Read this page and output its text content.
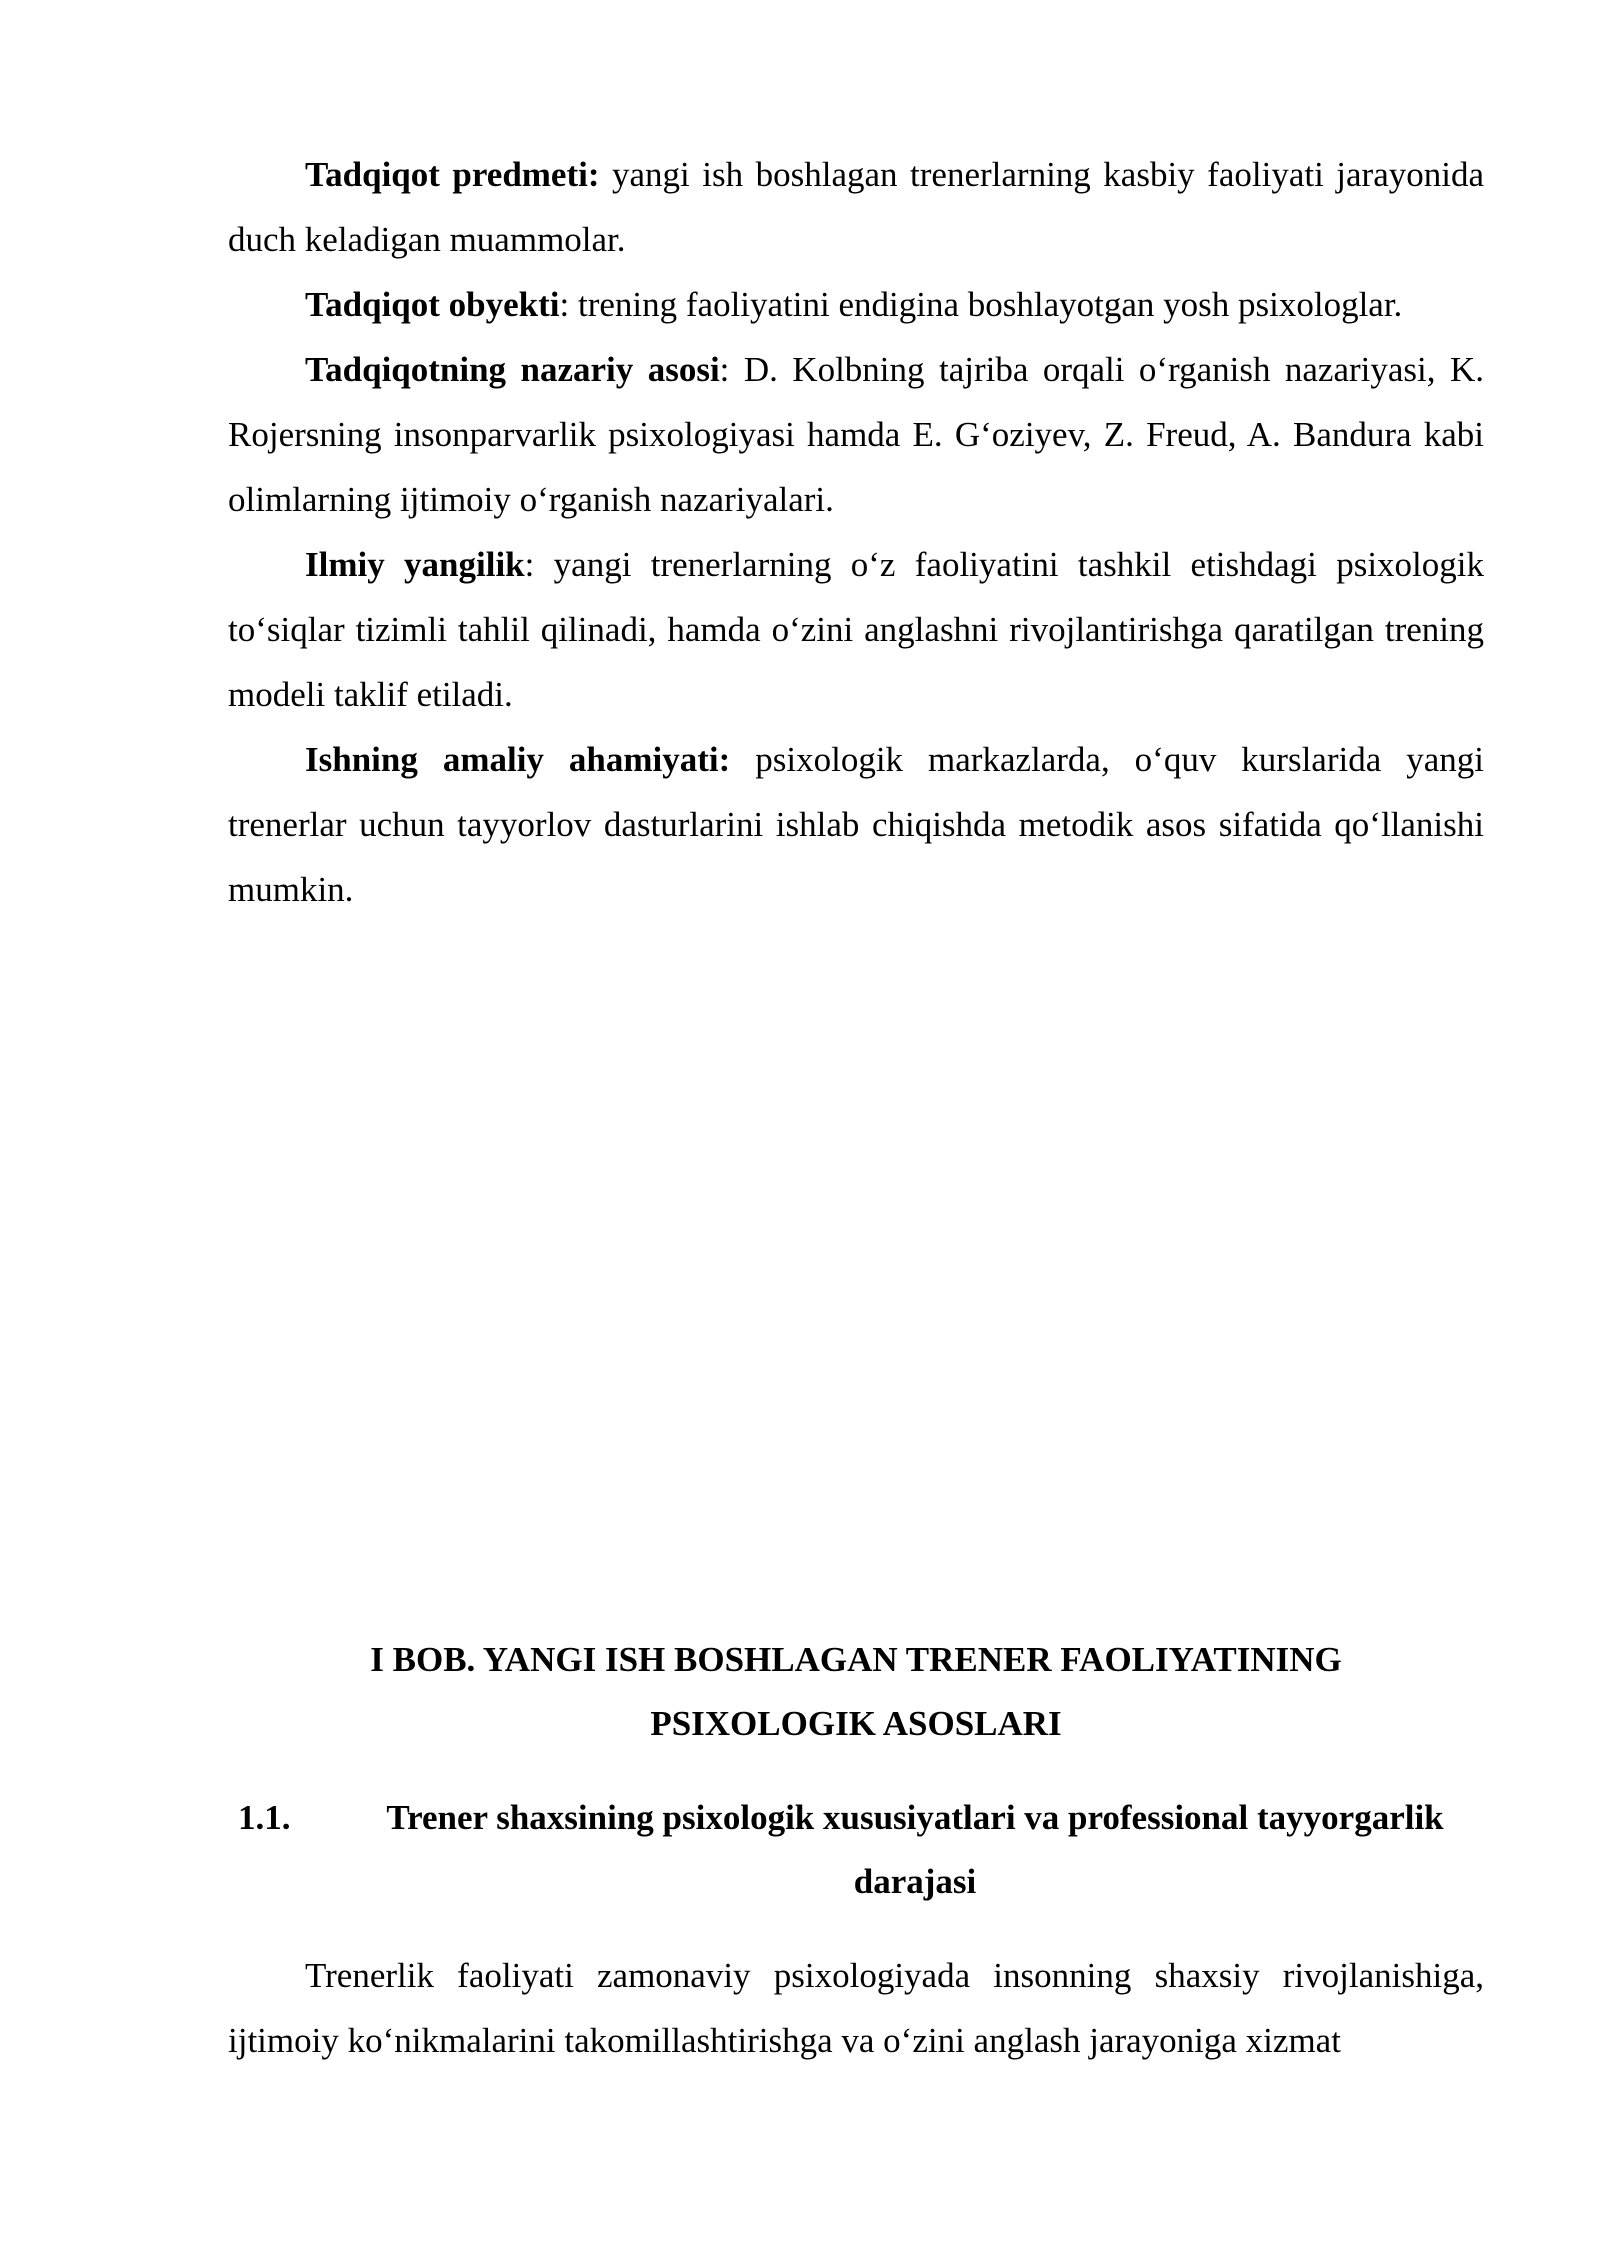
Tadqiqot predmeti: yangi ish boshlagan trenerlarning kasbiy faoliyati jarayonida duch keladigan muammolar.

Tadqiqot obyekti: trening faoliyatini endigina boshlayotgan yosh psixologlar.

Tadqiqotning nazariy asosi: D. Kolbning tajriba orqali o‘rganish nazariyasi, K. Rojersning insonparvarlik psixologiyasi hamda E. G‘oziyev, Z. Freud, A. Bandura kabi olimlarning ijtimoiy o‘rganish nazariyalari.

Ilmiy yangilik: yangi trenerlarning o‘z faoliyatini tashkil etishdagi psixologik to‘siqlar tizimli tahlil qilinadi, hamda o‘zini anglashni rivojlantirishga qaratilgan trening modeli taklif etiladi.

Ishning amaliy ahamiyati: psixologik markazlarda, o‘quv kurslarida yangi trenerlar uchun tayyorlov dasturlarini ishlab chiqishda metodik asos sifatida qo‘llanishi mumkin.

I BOB. YANGI ISH BOSHLAGAN TRENER FAOLIYATINING
PSIXOLOGIK ASOSLARI
1.1.	Trener shaxsining psixologik xususiyatlari va professional tayyorgarlik darajasi

Trenerlik faoliyati zamonaviy psixologiyada insonning shaxsiy rivojlanishiga, ijtimoiy ko‘nikmalarini takomillashtirishga va o‘zini anglash jarayoniga xizmat
